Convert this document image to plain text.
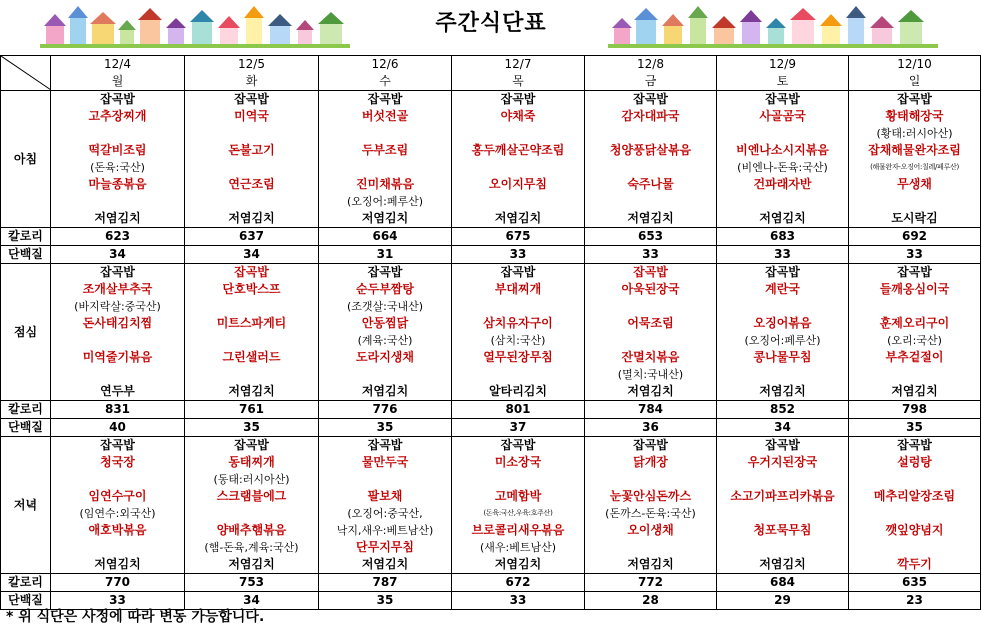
주간식단표
	12/4	12/5	12/6	12/7	12/8	12/9	12/10
	월	화	수	목	금	토	일
아침	잡곡밥	잡곡밥	잡곡밥	잡곡밥	잡곡밥	잡곡밥	잡곡밥
	고추장찌개	미역국	버섯전골	야채죽	감자대파국	사골곰국	황태해장국
							(황태:러시아산)
	떡갈비조림	돈불고기	두부조림	홍두깨살곤약조림	청양풍닭살볶음	비엔나소시지볶음	잡채해물완자조림
	(돈육:국산)					(비엔나-돈육:국산)	(해물완자-오징어:칠레/페루산)
	마늘종볶음	연근조림	진미채볶음	오이지무침	숙주나물	건파래자반	무생채
			(오징어:페루산)				
	저염김치	저염김치	저염김치	저염김치	저염김치	저염김치	도시락김
칼로리	623	637	664	675	653	683	692
단백질	34	34	31	33	33	33	33
점심	잡곡밥	잡곡밥	잡곡밥	잡곡밥	잡곡밥	잡곡밥	잡곡밥
	조개살부추국	단호박스프	순두부짬탕	부대찌개	아욱된장국	계란국	들깨옹심이국
	(바지락살:중국산)		(조갯살:국내산)				
	돈사태김치찜	미트스파게티	안동찜닭	삼치유자구이	어묵조림	오징어볶음	훈제오리구이
			(계육:국산)	(삼치:국산)		(오징어:페루산)	(오리:국산)
	미역줄기볶음	그린샐러드	도라지생채	열무된장무침	잔멸치볶음	콩나물무침	부추겉절이
					(멸치:국내산)		
	연두부	저염김치	저염김치	알타리김치	저염김치	저염김치	저염김치
칼로리	831	761	776	801	784	852	798
단백질	40	35	35	37	36	34	35
저녁	잡곡밥	잡곡밥	잡곡밥	잡곡밥	잡곡밥	잡곡밥	잡곡밥
	청국장	동태찌개	물만두국	미소장국	닭개장	우거지된장국	설렁탕
		(동태:러시아산)					
	임연수구이	스크램블에그	팔보채	고메함박	눈꽃안심돈까스	소고기파프리카볶음	메추리알장조림
	(임연수:외국산)		(오징어:중국산,	(돈육:국산,우육:호주산)	(돈까스-돈육:국산)		
	애호박볶음	양배추햄볶음	낙지,새우:베트남산)	브로콜리새우볶음	오이생채	청포묵무침	깻잎양념지
		(햄-돈육,계육:국산)	단무지무침	(새우:베트남산)			
	저염김치	저염김치	저염김치	저염김치	저염김치	저염김치	깍두기
칼로리	770	753	787	672	772	684	635
단백질	33	34	35	33	28	29	23
* 위 식단은 사정에 따라 변동 가능합니다.
